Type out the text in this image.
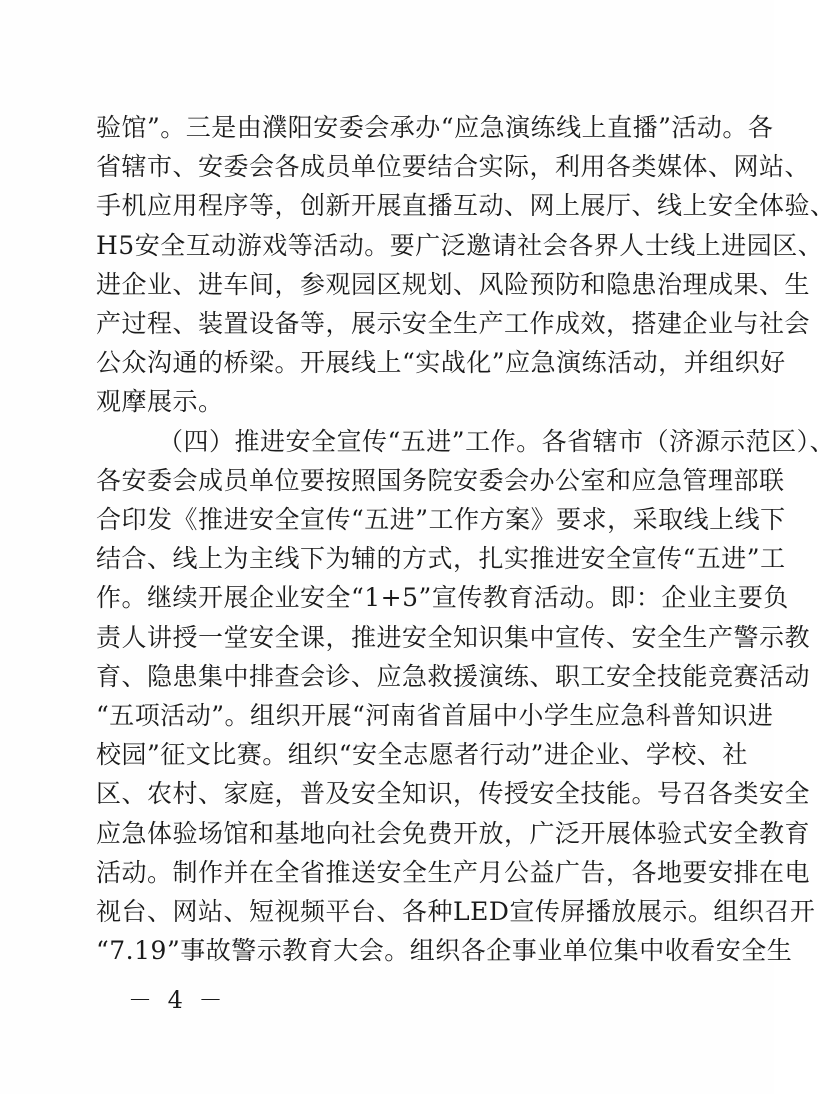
验馆”。三是由濮阳安委会承办“应急演练线上直播”活动。各
省辖市、安委会各成员单位要结合实际，利用各类媒体、网站、
手机应用程序等，创新开展直播互动、网上展厅、线上安全体验、
H5安全互动游戏等活动。要广泛邀请社会各界人士线上进园区、
进企业、进车间，参观园区规划、风险预防和隐患治理成果、生
产过程、装置设备等，展示安全生产工作成效，搭建企业与社会
公众沟通的桥梁。开展线上“实战化”应急演练活动，并组织好
观摩展示。
（四）推进安全宣传“五进”工作。各省辖市（济源示范区）、
各安委会成员单位要按照国务院安委会办公室和应急管理部联
合印发《推进安全宣传“五进”工作方案》要求，采取线上线下
结合、线上为主线下为辅的方式，扎实推进安全宣传“五进”工
作。继续开展企业安全“1+5”宣传教育活动。即：企业主要负
责人讲授一堂安全课，推进安全知识集中宣传、安全生产警示教
育、隐患集中排查会诊、应急救援演练、职工安全技能竞赛活动
“五项活动”。组织开展“河南省首届中小学生应急科普知识进
校园”征文比赛。组织“安全志愿者行动”进企业、学校、社
区、农村、家庭，普及安全知识，传授安全技能。号召各类安全
应急体验场馆和基地向社会免费开放，广泛开展体验式安全教育
活动。制作并在全省推送安全生产月公益广告，各地要安排在电
视台、网站、短视频平台、各种LED宣传屏播放展示。组织召开
“7.19”事故警示教育大会。组织各企事业单位集中收看安全生
－ 4 －
